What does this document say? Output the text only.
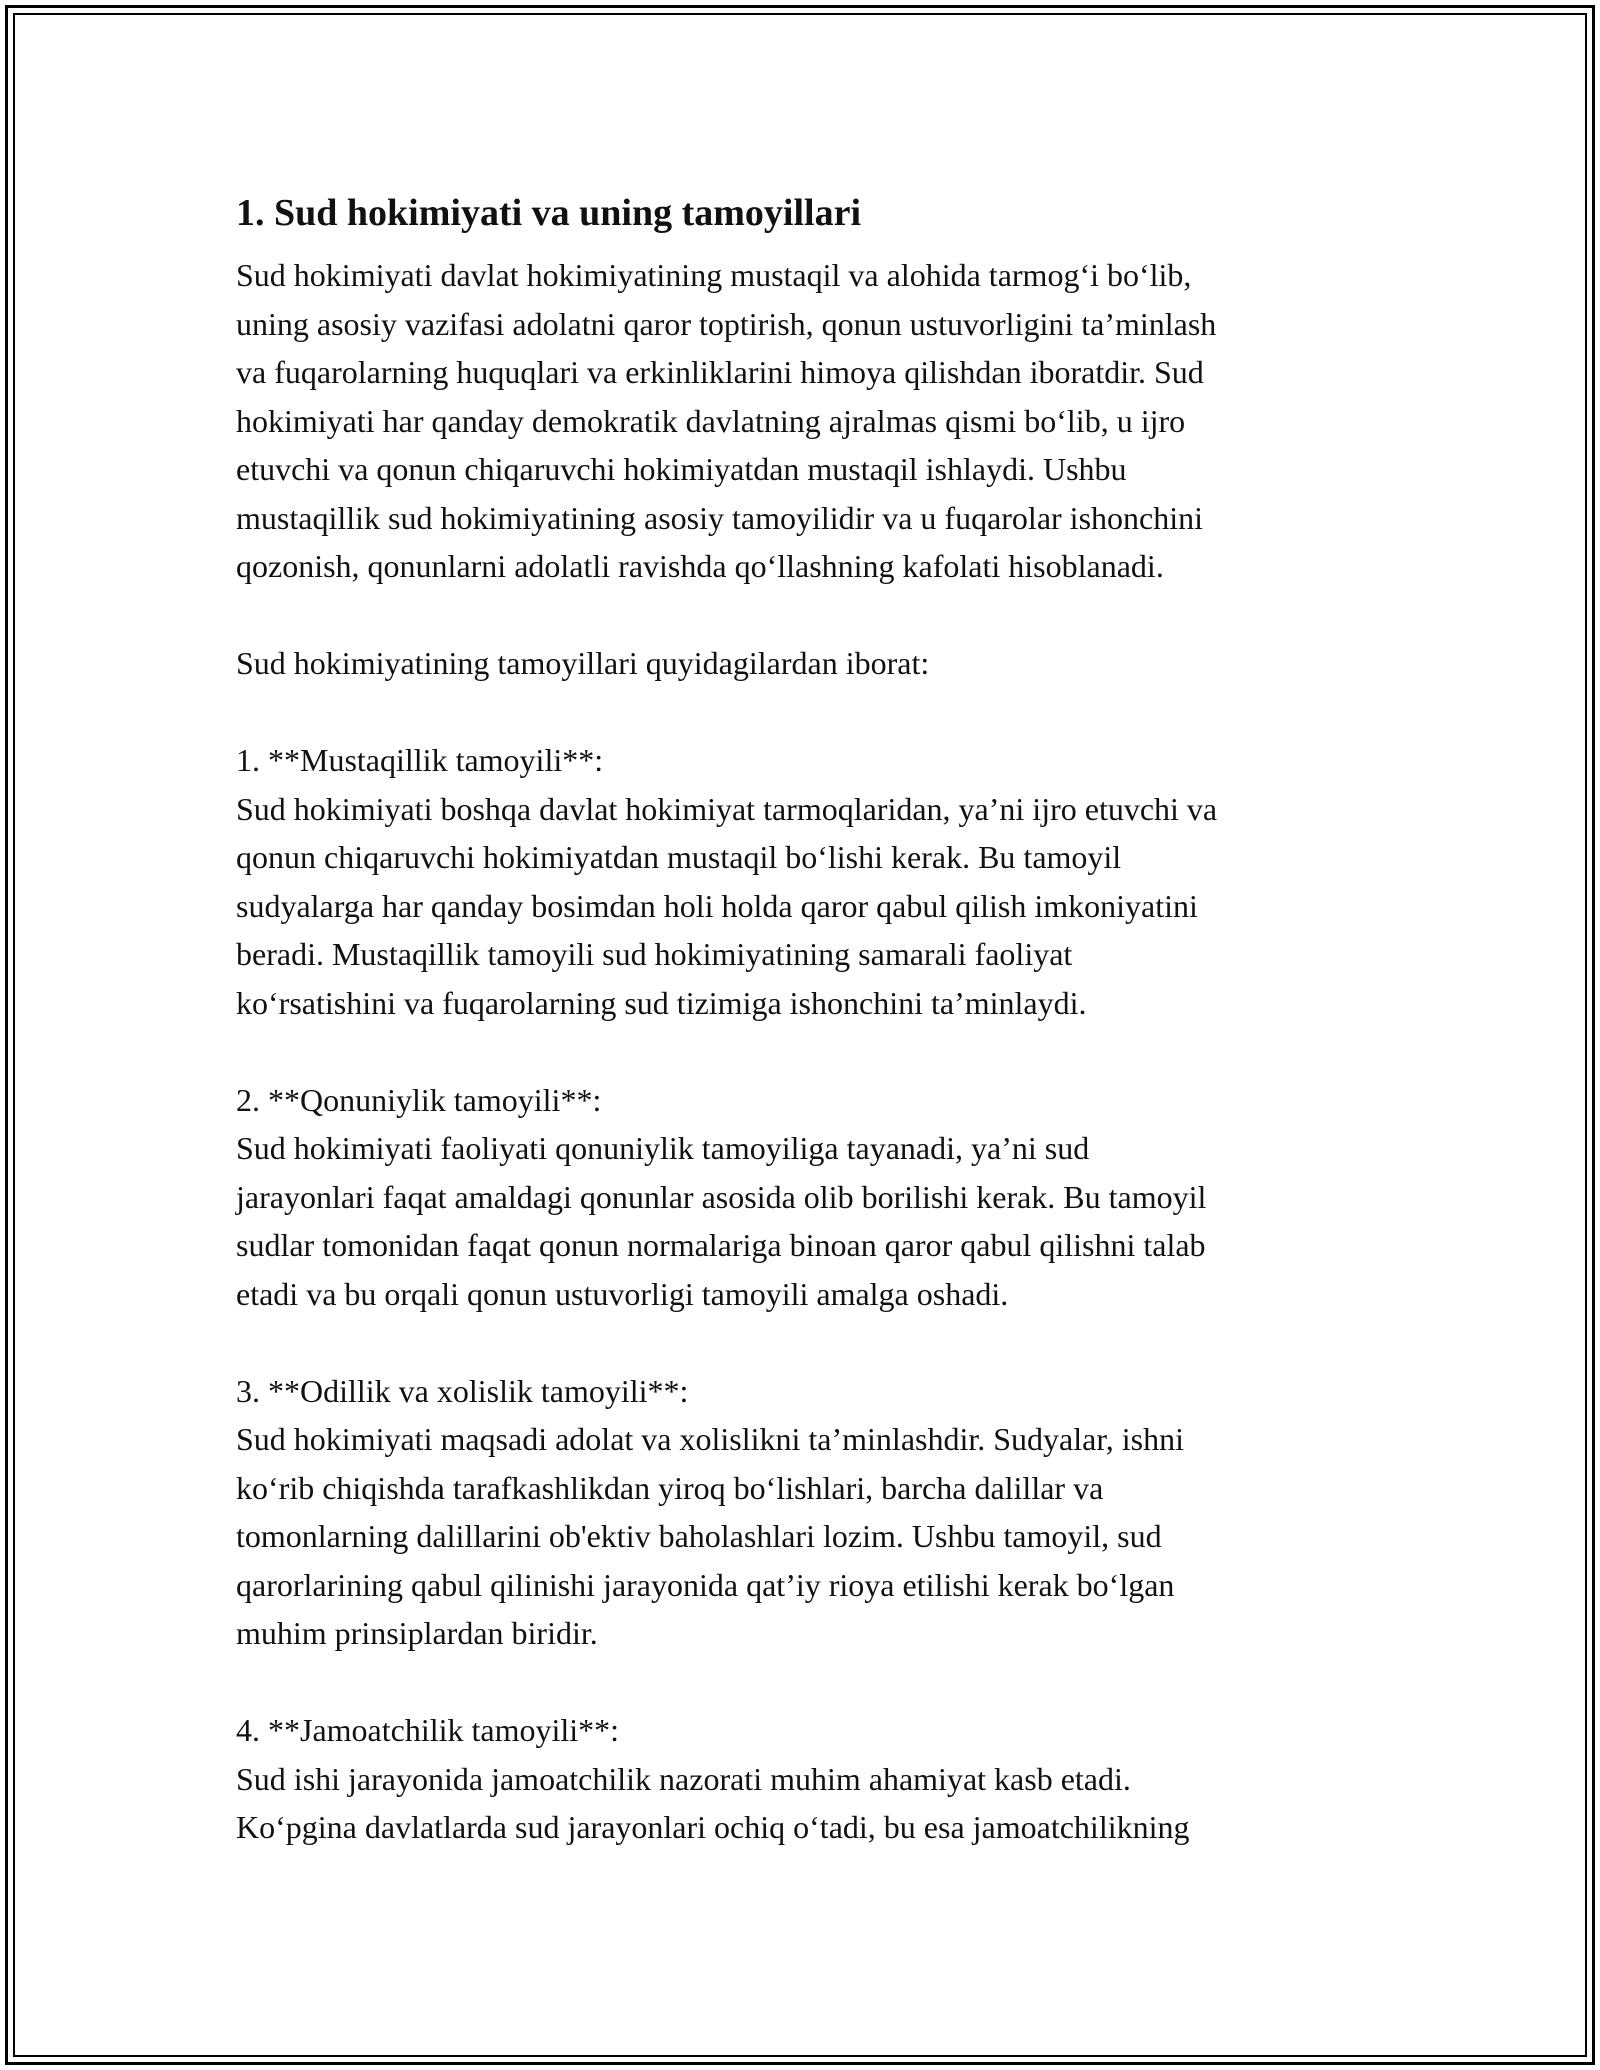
1. Sud hokimiyati va uning tamoyillari

Sud hokimiyati davlat hokimiyatining mustaqil va alohida tarmog‘i bo‘lib,
uning asosiy vazifasi adolatni qaror toptirish, qonun ustuvorligini ta’minlash
va fuqarolarning huquqlari va erkinliklarini himoya qilishdan iboratdir. Sud
hokimiyati har qanday demokratik davlatning ajralmas qismi bo‘lib, u ijro
etuvchi va qonun chiqaruvchi hokimiyatdan mustaqil ishlaydi. Ushbu
mustaqillik sud hokimiyatining asosiy tamoyilidir va u fuqarolar ishonchini
qozonish, qonunlarni adolatli ravishda qo‘llashning kafolati hisoblanadi.

Sud hokimiyatining tamoyillari quyidagilardan iborat:

1. **Mustaqillik tamoyili**:
Sud hokimiyati boshqa davlat hokimiyat tarmoqlaridan, ya’ni ijro etuvchi va
qonun chiqaruvchi hokimiyatdan mustaqil bo‘lishi kerak. Bu tamoyil
sudyalarga har qanday bosimdan holi holda qaror qabul qilish imkoniyatini
beradi. Mustaqillik tamoyili sud hokimiyatining samarali faoliyat
ko‘rsatishini va fuqarolarning sud tizimiga ishonchini ta’minlaydi.

2. **Qonuniylik tamoyili**:
Sud hokimiyati faoliyati qonuniylik tamoyiliga tayanadi, ya’ni sud
jarayonlari faqat amaldagi qonunlar asosida olib borilishi kerak. Bu tamoyil
sudlar tomonidan faqat qonun normalariga binoan qaror qabul qilishni talab
etadi va bu orqali qonun ustuvorligi tamoyili amalga oshadi.

3. **Odillik va xolislik tamoyili**:
Sud hokimiyati maqsadi adolat va xolislikni ta’minlashdir. Sudyalar, ishni
ko‘rib chiqishda tarafkashlikdan yiroq bo‘lishlari, barcha dalillar va
tomonlarning dalillarini ob'ektiv baholashlari lozim. Ushbu tamoyil, sud
qarorlarining qabul qilinishi jarayonida qat’iy rioya etilishi kerak bo‘lgan
muhim prinsiplardan biridir.

4. **Jamoatchilik tamoyili**:
Sud ishi jarayonida jamoatchilik nazorati muhim ahamiyat kasb etadi.
Ko‘pgina davlatlarda sud jarayonlari ochiq o‘tadi, bu esa jamoatchilikning
